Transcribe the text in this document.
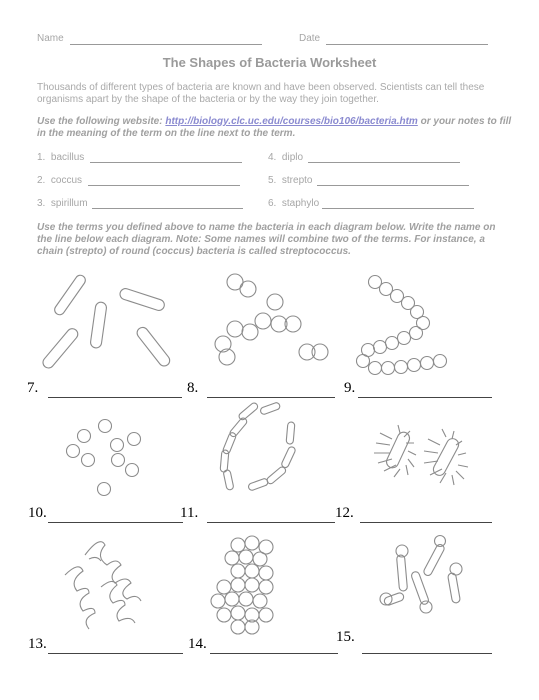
Name	Date
The Shapes of Bacteria Worksheet
Thousands of different types of bacteria are known and have been observed. Scientists can tell these organisms apart by the shape of the bacteria or by the way they join together.
Use the following website: http://biology.clc.uc.edu/courses/bio106/bacteria.htm or your notes to fill in the meaning of the term on the line next to the term.
1. bacillus
2. coccus
3. spirillum
4. diplo
5. strepto
6. staphylo
Use the terms you defined above to name the bacteria in each diagram below. Write the name on the line below each diagram. Note: Some names will combine two of the terms. For instance, a chain (strepto) of round (coccus) bacteria is called streptococcus.
7.	8.	9.
10.	11.	12.
13.	14.	15.
